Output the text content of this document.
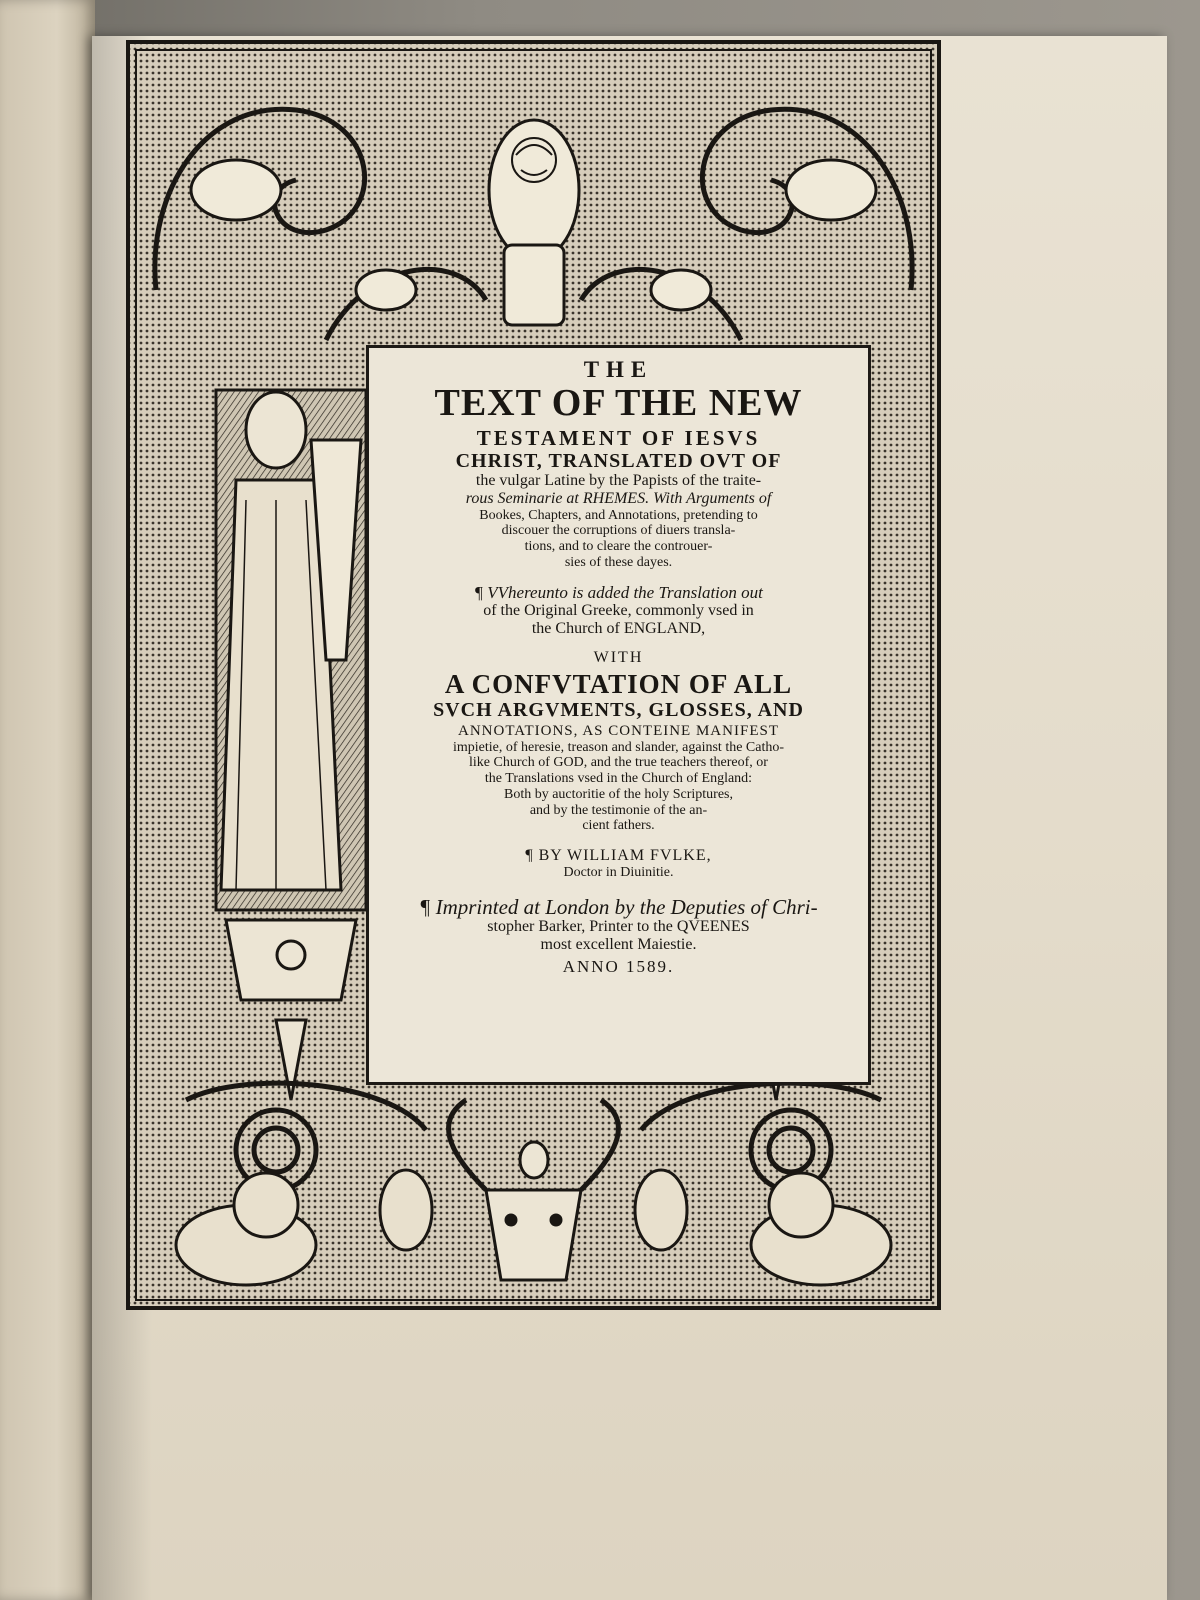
THE
TEXT OF THE NEW
TESTAMENT OF IESVS
CHRIST, TRANSLATED OVT OF
the vulgar Latine by the Papists of the traite-
rous Seminarie at RHEMES. With Arguments of
Bookes, Chapters, and Annotations, pretending to
discouer the corruptions of diuers transla-
tions, and to cleare the controuer-
sies of these dayes.
¶ VVhereunto is added the Translation out
of the Original Greeke, commonly vsed in
the Church of ENGLAND,
WITH
A CONFVTATION OF ALL
SVCH ARGVMENTS, GLOSSES, AND
ANNOTATIONS, AS CONTEINE MANIFEST
impietie, of heresie, treason and slander, against the Catho-
like Church of GOD, and the true teachers thereof, or
the Translations vsed in the Church of England:
Both by auctoritie of the holy Scriptures,
and by the testimonie of the an-
cient fathers.
¶ BY WILLIAM FVLKE,
Doctor in Diuinitie.
¶ Imprinted at London by the Deputies of Chri-
stopher Barker, Printer to the QVEENES
most excellent Maiestie.
ANNO 1589.
